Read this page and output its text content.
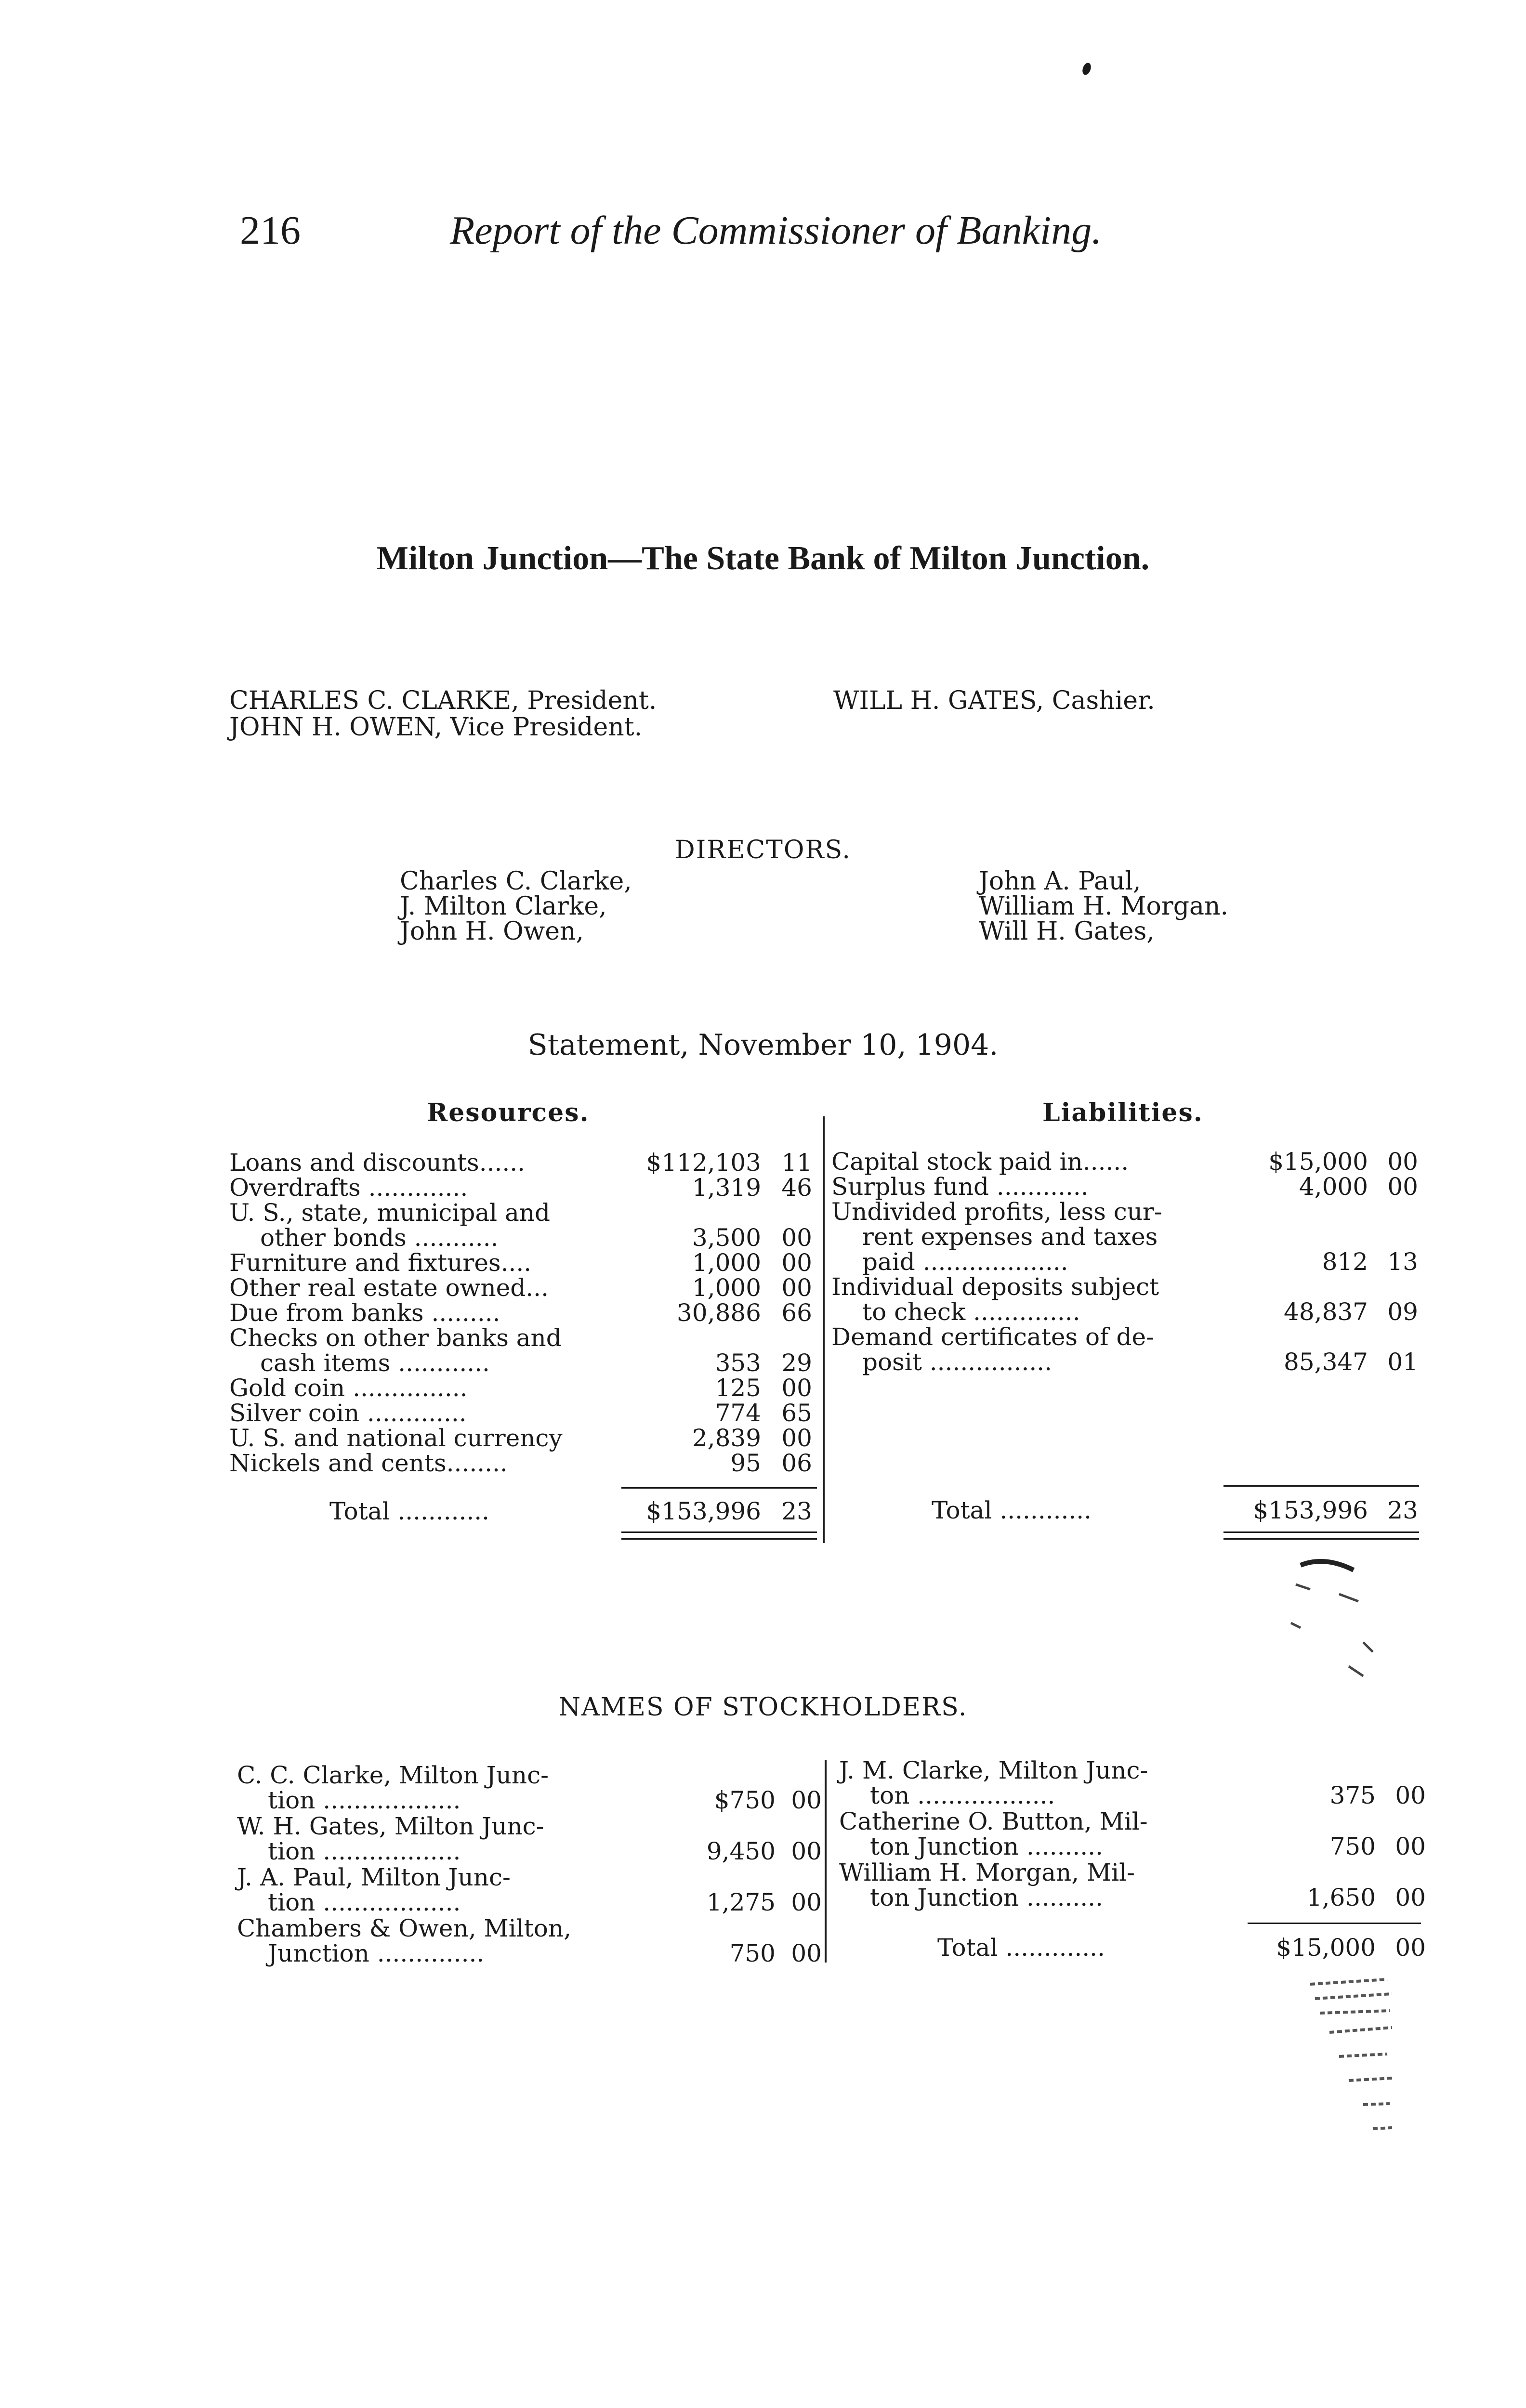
216	Report of the Commissioner of Banking.
Milton Junction—The State Bank of Milton Junction.
CHARLES C. CLARKE, President.
JOHN H. OWEN, Vice President.
WILL H. GATES, Cashier.
DIRECTORS.
Charles C. Clarke,
J. Milton Clarke,
John H. Owen,
John A. Paul,
William H. Morgan.
Will H. Gates,
Statement, November 10, 1904.
Resources.	Liabilities.
Loans and discounts......	$112,103 11
Overdrafts .............	1,319 46
U. S., state, municipal and
other bonds ...........	3,500 00
Furniture and fixtures....	1,000 00
Other real estate owned...	1,000 00
Due from banks .........	30,886 66
Checks on other banks and
cash items ............	353 29
Gold coin ...............	125 00
Silver coin .............	774 65
U. S. and national currency	2,839 00
Nickels and cents........	95 06
Total ............	$153,996 23
Capital stock paid in......	$15,000 00
Surplus fund ............	4,000 00
Undivided profits, less cur-
rent expenses and taxes
paid ...................	812 13
Individual deposits subject
to check ..............	48,837 09
Demand certificates of de-
posit ................	85,347 01
Total ............	$153,996 23
NAMES OF STOCKHOLDERS.
C. C. Clarke, Milton Junc-
tion ..................	$750 00
W. H. Gates, Milton Junc-
tion ..................	9,450 00
J. A. Paul, Milton Junc-
tion ..................	1,275 00
Chambers & Owen, Milton,
Junction ..............	750 00
J. M. Clarke, Milton Junc-
ton ..................	375 00
Catherine O. Button, Mil-
ton Junction ..........	750 00
William H. Morgan, Mil-
ton Junction ..........	1,650 00
Total .............	$15,000 00
